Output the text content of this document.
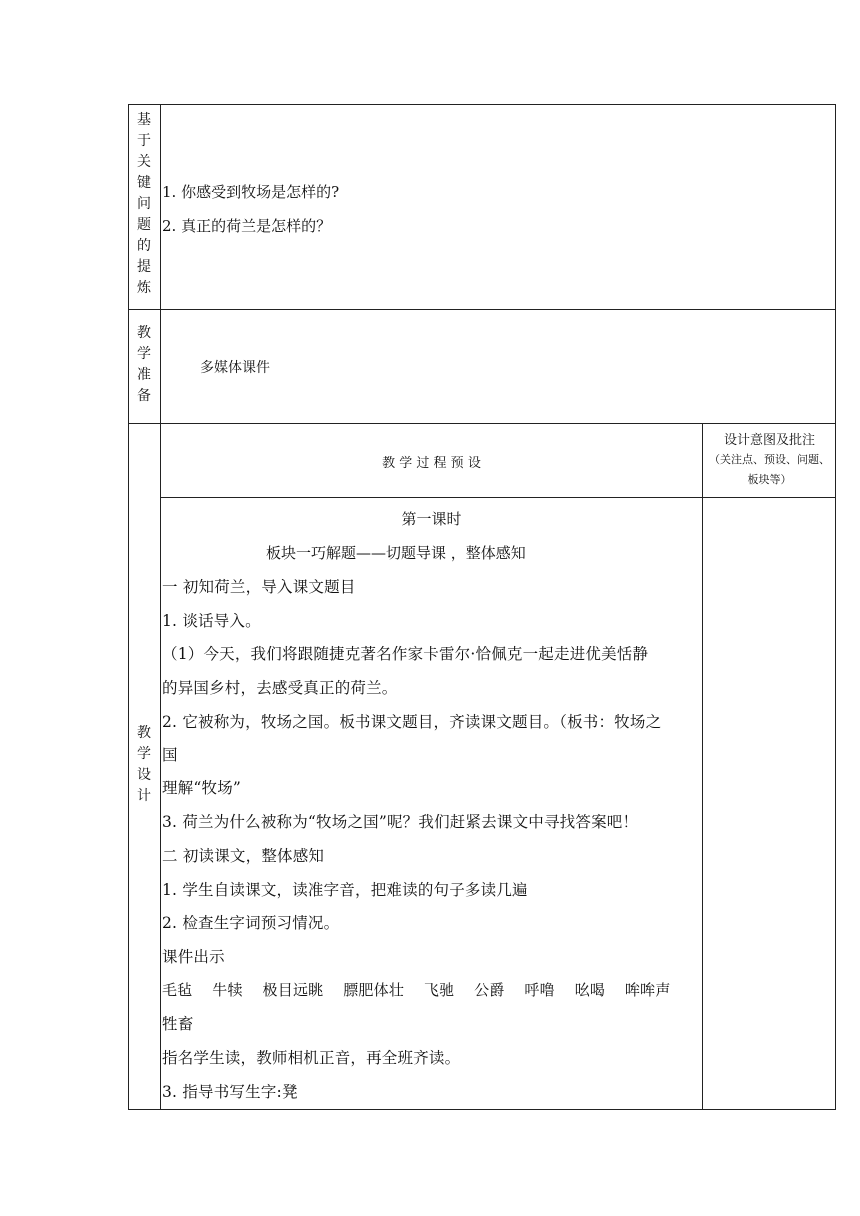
基
于
关
键
问
题
的
提
炼
1. 你感受到牧场是怎样的?
2. 真正的荷兰是怎样的？
教
学
准
备
多媒体课件
教
学
设
计
教 学 过 程 预 设
设计意图及批注
（关注点、预设、问题、
板块等）
第一课时
板块一巧解题——切题导课 ，整体感知
一 初知荷兰，导入课文题目
1. 谈话导入。
（1）今天，我们将跟随捷克著名作家卡雷尔·恰佩克一起走进优美恬静
的异国乡村，去感受真正的荷兰。
2. 它被称为，牧场之国。板书课文题目，齐读课文题目。（板书：牧场之
国
理解“牧场”
3. 荷兰为什么被称为“牧场之国”呢？我们赶紧去课文中寻找答案吧！
二 初读课文，整体感知
1. 学生自读课文，读准字音，把难读的句子多读几遍
2. 检查生字词预习情况。
课件出示
毛毡    牛犊    极目远眺    膘肥体壮    飞驰    公爵    呼噜    吆喝    哞哞声
牲畜
指名学生读，教师相机正音，再全班齐读。
3. 指导书写生字:凳
